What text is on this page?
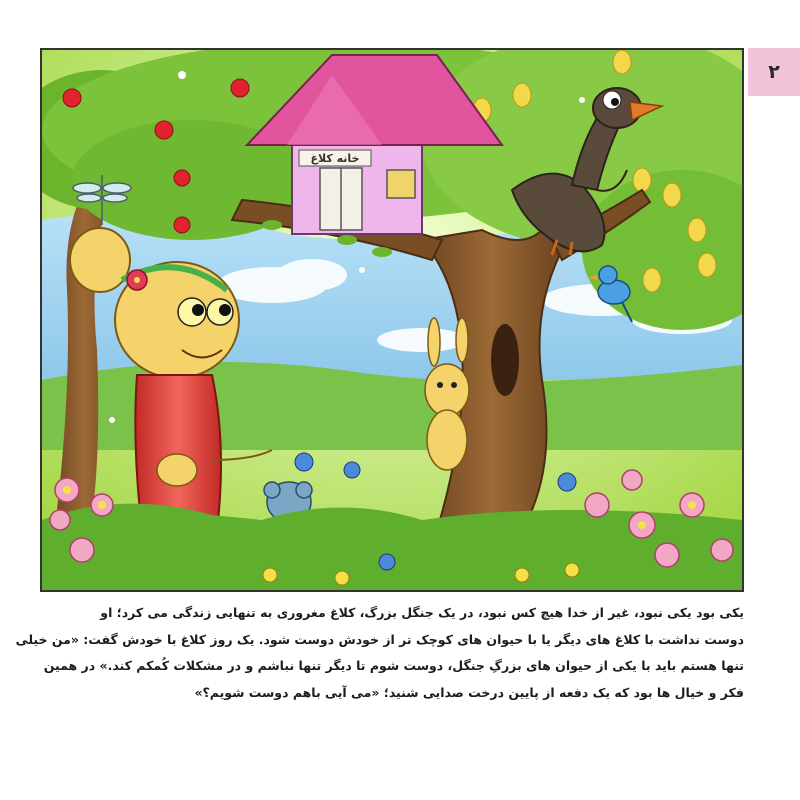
٢
خانه کلاغ
یکی بود یکی نبود، غیر از خدا هیچ کس نبود، در یک جنگل بزرگ، کلاغ مغروری به تنهایی زندگی می کرد؛ او
دوست نداشت با کلاغ های دیگر یا با حیوان های کوچک تر از خودش دوست شود. یک روز کلاغ با خودش گفت: «من خیلی
تنها هستم باید با یکی از حیوان های بزرگِ جنگل، دوست شوم تا دیگر تنها نباشم و در مشکلات کُمکم کند.» در همین
فکر و خیال ها بود که یک دفعه از پایین درخت صدایی شنید؛ «می آیی باهم دوست شویم؟»
